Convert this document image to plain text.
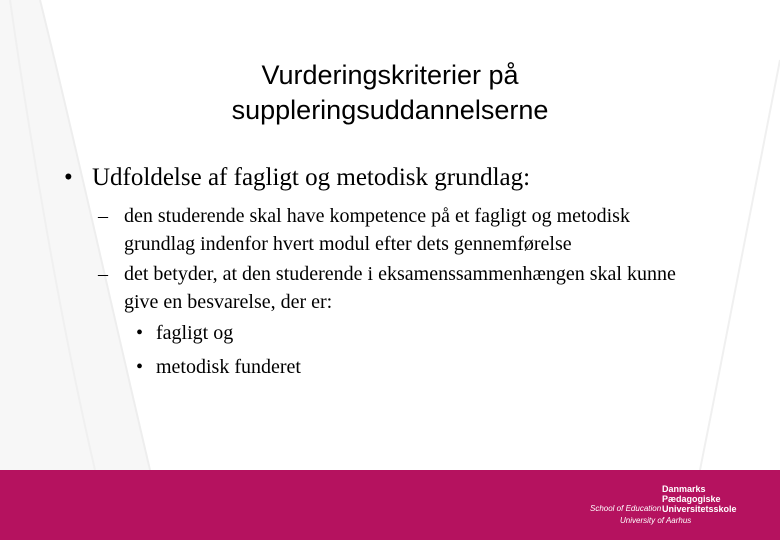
Vurderingskriterier på
suppleringsuddannelserne
• Udfoldelse af fagligt og metodisk grundlag:
– den studerende skal have kompetence på et fagligt og metodisk grundlag indenfor hvert modul efter dets gennemførelse
– det betyder, at den studerende i eksamenssammenhængen skal kunne give en besvarelse, der er:
• fagligt og
• metodisk funderet
School of Education
Danmarks
Pædagogiske
Universitetsskole
University of Aarhus
